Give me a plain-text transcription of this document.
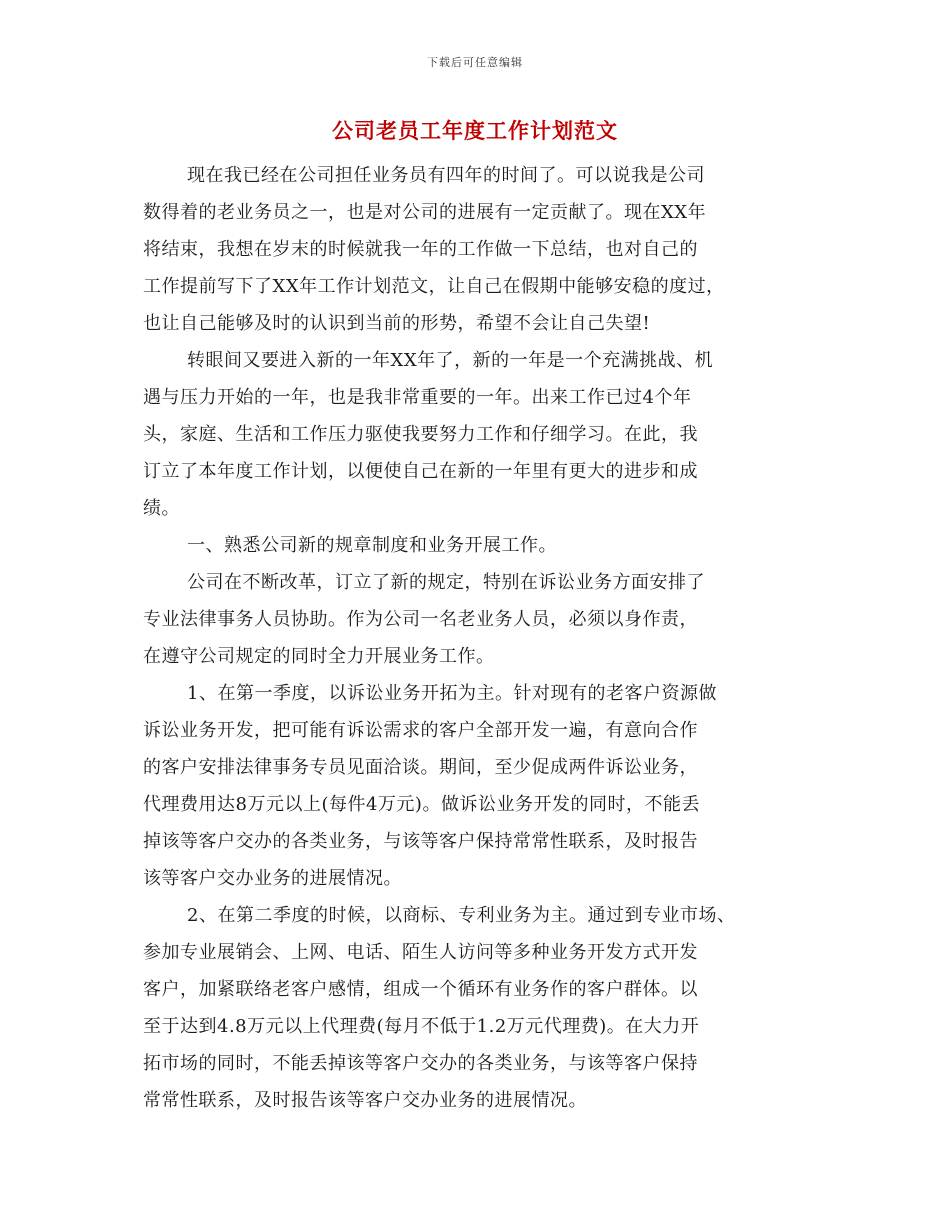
下载后可任意编辑
公司老员工年度工作计划范文
现在我已经在公司担任业务员有四年的时间了。可以说我是公司
数得着的老业务员之一，也是对公司的进展有一定贡献了。现在XX年
将结束，我想在岁末的时候就我一年的工作做一下总结，也对自己的
工作提前写下了XX年工作计划范文，让自己在假期中能够安稳的度过，
也让自己能够及时的认识到当前的形势，希望不会让自己失望!
转眼间又要进入新的一年XX年了，新的一年是一个充满挑战、机
遇与压力开始的一年，也是我非常重要的一年。出来工作已过4个年
头，家庭、生活和工作压力驱使我要努力工作和仔细学习。在此，我
订立了本年度工作计划，以便使自己在新的一年里有更大的进步和成
绩。
一、熟悉公司新的规章制度和业务开展工作。
公司在不断改革，订立了新的规定，特别在诉讼业务方面安排了
专业法律事务人员协助。作为公司一名老业务人员，必须以身作责，
在遵守公司规定的同时全力开展业务工作。
1、在第一季度，以诉讼业务开拓为主。针对现有的老客户资源做
诉讼业务开发，把可能有诉讼需求的客户全部开发一遍，有意向合作
的客户安排法律事务专员见面洽谈。期间，至少促成两件诉讼业务，
代理费用达8万元以上(每件4万元)。做诉讼业务开发的同时，不能丢
掉该等客户交办的各类业务，与该等客户保持常常性联系，及时报告
该等客户交办业务的进展情况。
2、在第二季度的时候，以商标、专利业务为主。通过到专业市场、
参加专业展销会、上网、电话、陌生人访问等多种业务开发方式开发
客户，加紧联络老客户感情，组成一个循环有业务作的客户群体。以
至于达到4.8万元以上代理费(每月不低于1.2万元代理费)。在大力开
拓市场的同时，不能丢掉该等客户交办的各类业务，与该等客户保持
常常性联系，及时报告该等客户交办业务的进展情况。
